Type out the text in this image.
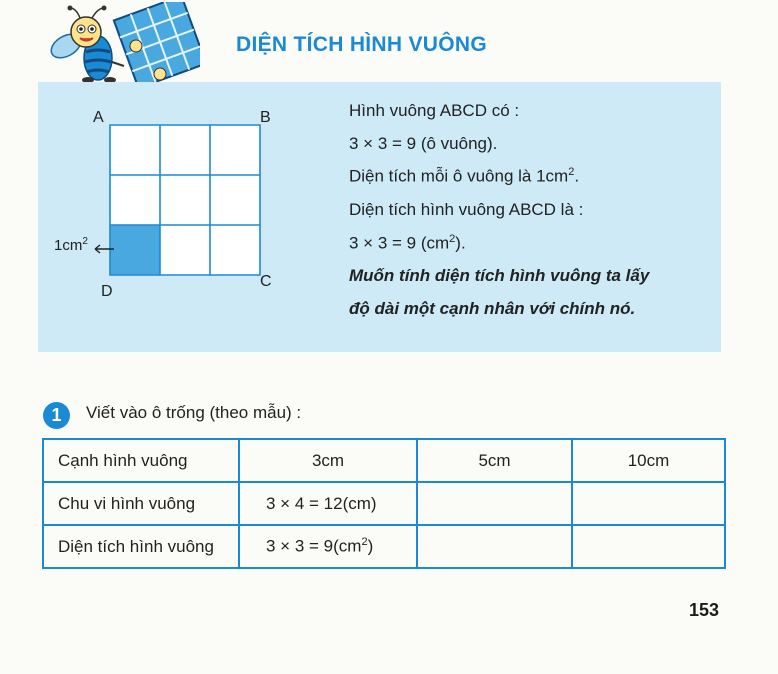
DIỆN TÍCH HÌNH VUÔNG
A	B
C
D
$1cm^2$
Hình vuông ABCD có :
3 × 3 = 9 (ô vuông).
Diện tích mỗi ô vuông là $1cm^2$.
Diện tích hình vuông ABCD là :
3 × 3 = 9 $(cm^2)$.
Muốn tính diện tích hình vuông ta lấy
độ dài một cạnh nhân với chính nó.
1	Viết vào ô trống (theo mẫu) :
Cạnh hình vuông	3cm	5cm	10cm
Chu vi hình vuông	3 × 4 = 12(cm)		
Diện tích hình vuông	$3 \times 3 = 9(cm^2)$		
153
